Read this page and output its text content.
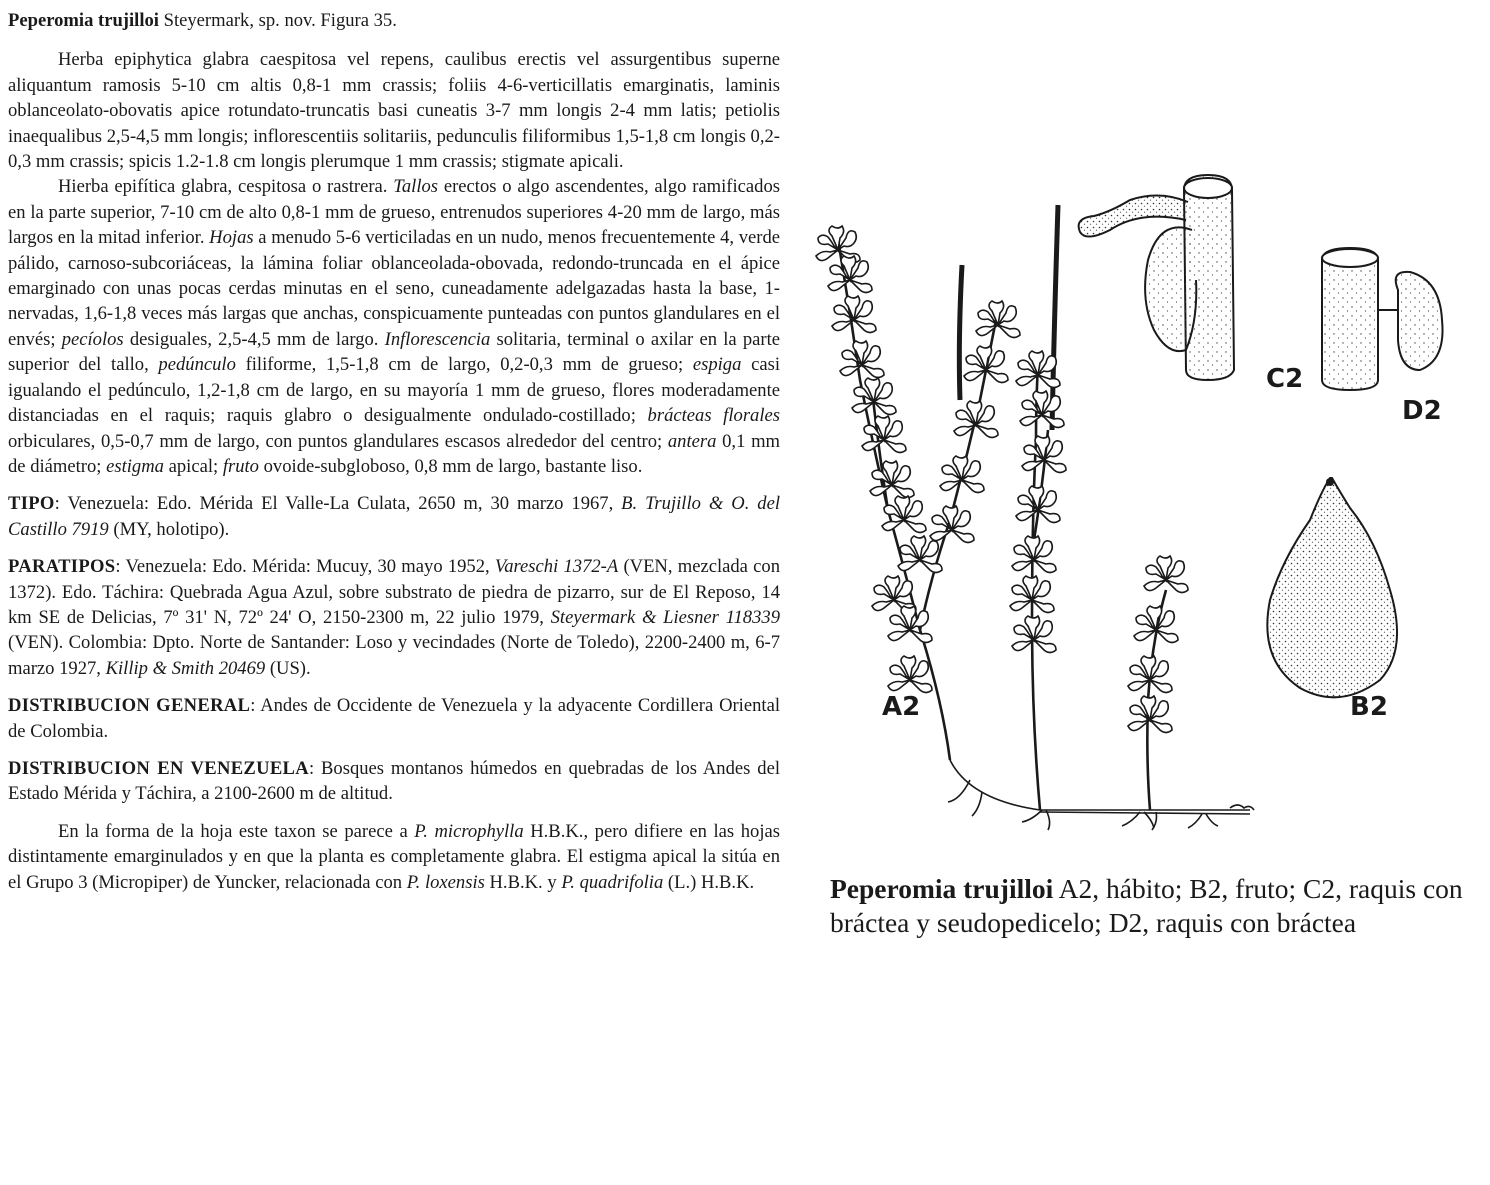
Peperomia trujilloi Steyermark, sp. nov. Figura 35.

Herba epiphytica glabra caespitosa vel repens, caulibus erectis vel assurgentibus superne aliquantum ramosis 5-10 cm altis 0,8-1 mm crassis; foliis 4-6-verticillatis emarginatis, laminis oblanceolato-obovatis apice rotundato-truncatis basi cuneatis 3-7 mm longis 2-4 mm latis; petiolis inaequalibus 2,5-4,5 mm longis; inflorescentiis solitariis, pedunculis filiformibus 1,5-1,8 cm longis 0,2-0,3 mm crassis; spicis 1.2-1.8 cm longis plerumque 1 mm crassis; stigmate apicali.

Hierba epifítica glabra, cespitosa o rastrera. Tallos erectos o algo ascendentes, algo ramificados en la parte superior, 7-10 cm de alto 0,8-1 mm de grueso, entrenudos superiores 4-20 mm de largo, más largos en la mitad inferior. Hojas a menudo 5-6 verticiladas en un nudo, menos frecuentemente 4, verde pálido, carnoso-subcoriáceas, la lámina foliar oblanceolada-obovada, redondo-truncada en el ápice emarginado con unas pocas cerdas minutas en el seno, cuneadamente adelgazadas hasta la base, 1-nervadas, 1,6-1,8 veces más largas que anchas, conspicuamente punteadas con puntos glandulares en el envés; pecíolos desiguales, 2,5-4,5 mm de largo. Inflorescencia solitaria, terminal o axilar en la parte superior del tallo, pedúnculo filiforme, 1,5-1,8 cm de largo, 0,2-0,3 mm de grueso; espiga casi igualando el pedúnculo, 1,2-1,8 cm de largo, en su mayoría 1 mm de grueso, flores moderadamente distanciadas en el raquis; raquis glabro o desigualmente ondulado-costillado; brácteas florales orbiculares, 0,5-0,7 mm de largo, con puntos glandulares escasos alrededor del centro; antera 0,1 mm de diámetro; estigma apical; fruto ovoide-subgloboso, 0,8 mm de largo, bastante liso.

TIPO: Venezuela: Edo. Mérida El Valle-La Culata, 2650 m, 30 marzo 1967, B. Trujillo & O. del Castillo 7919 (MY, holotipo).

PARATIPOS: Venezuela: Edo. Mérida: Mucuy, 30 mayo 1952, Vareschi 1372-A (VEN, mezclada con 1372). Edo. Táchira: Quebrada Agua Azul, sobre substrato de piedra de pizarro, sur de El Reposo, 14 km SE de Delicias, 7º 31' N, 72º 24' O, 2150-2300 m, 22 julio 1979, Steyermark & Liesner 118339 (VEN). Colombia: Dpto. Norte de Santander: Loso y vecindades (Norte de Toledo), 2200-2400 m, 6-7 marzo 1927, Killip & Smith 20469 (US).

DISTRIBUCION GENERAL: Andes de Occidente de Venezuela y la adyacente Cordillera Oriental de Colombia.

DISTRIBUCION EN VENEZUELA: Bosques montanos húmedos en quebradas de los Andes del Estado Mérida y Táchira, a 2100-2600 m de altitud.

En la forma de la hoja este taxon se parece a P. microphylla H.B.K., pero difiere en las hojas distintamente emarginulados y en que la planta es completamente glabra. El estigma apical la sitúa en el Grupo 3 (Micropiper) de Yuncker, relacionada con P. loxensis H.B.K. y P. quadrifolia (L.) H.B.K.

A2	B2
C2
D2
Peperomia trujilloi A2, hábito; B2, fruto; C2, raquis con bráctea y seudopedicelo; D2, raquis con bráctea
